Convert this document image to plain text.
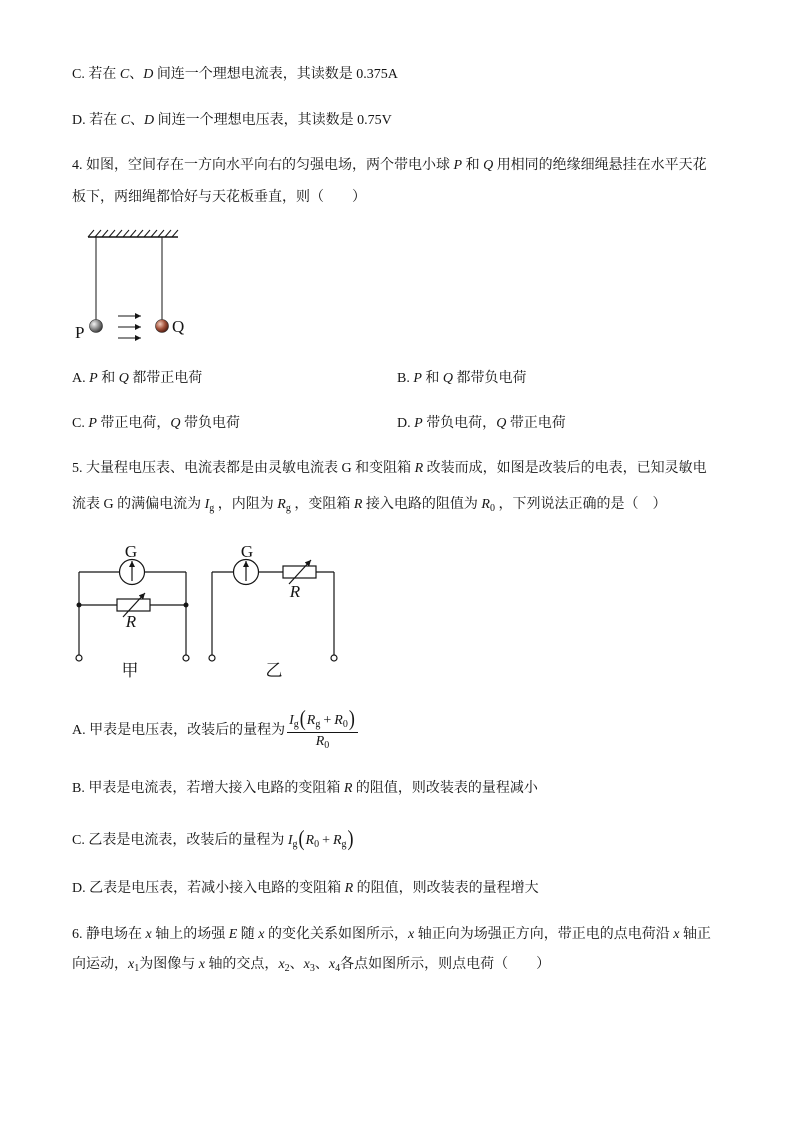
C. 若在 C、D 间连一个理想电流表，其读数是 0.375A
D. 若在 C、D 间连一个理想电压表，其读数是 0.75V
4. 如图，空间存在一方向水平向右的匀强电场，两个带电小球 P 和 Q 用相同的绝缘细绳悬挂在水平天花
板下，两细绳都恰好与天花板垂直，则（　　）
P	Q
A. P 和 Q 都带正电荷	B. P 和 Q 都带负电荷
C. P 带正电荷，Q 带负电荷	D. P 带负电荷，Q 带正电荷
5. 大量程电压表、电流表都是由灵敏电流表 G 和变阻箱 R 改装而成，如图是改装后的电表，已知灵敏电
流表 G 的满偏电流为 $I_g$ ，内阻为 $R_g$ ，变阻箱 R 接入电路的阻值为 $R_0$ ，下列说法正确的是（　）
G
R
甲
G
R
乙
A. 甲表是电压表，改装后的量程为 $\frac{I_g(R_g + R_0)}{R_0}$
B. 甲表是电流表，若增大接入电路的变阻箱 R 的阻值，则改装表的量程减小
C. 乙表是电流表，改装后的量程为 $I_g(R_0 + R_g)$
D. 乙表是电压表，若减小接入电路的变阻箱 R 的阻值，则改装表的量程增大
6. 静电场在 x 轴上的场强 E 随 x 的变化关系如图所示，x 轴正向为场强正方向，带正电的点电荷沿 x 轴正
向运动，$x_1$为图像与 x 轴的交点，$x_2$、$x_3$、$x_4$各点如图所示，则点电荷（　　）
